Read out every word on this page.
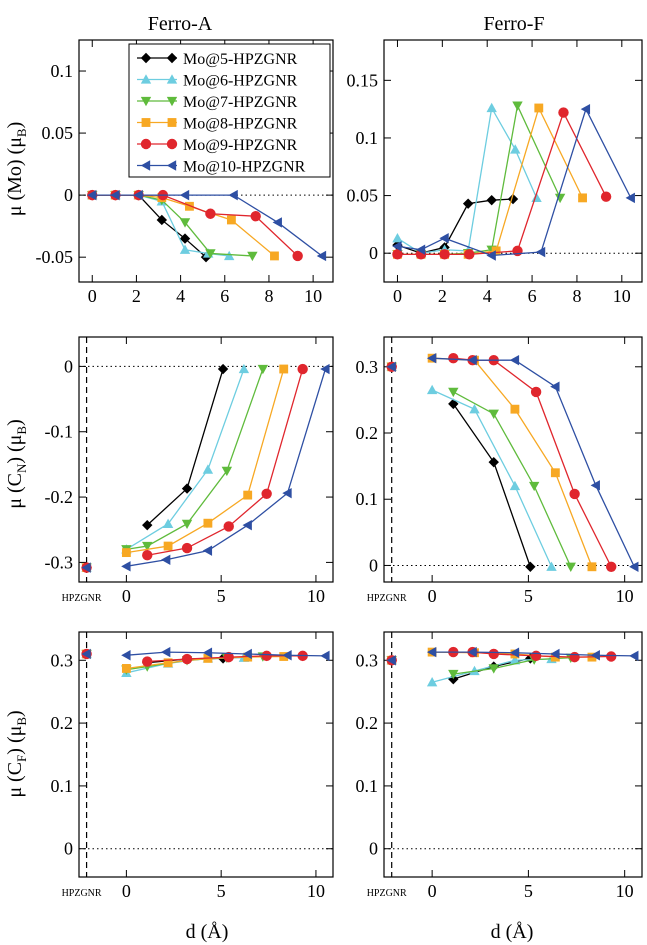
Ferro-A	Ferro-F
d (Å)	d (Å)
μ (Mo) $(\mu_B)$
μ $(C_N)$ $(\mu_B)$
μ $(C_F)$ $(\mu_B)$
0 2 4 6 8 10
0.1
0.05
0
-0.05
0 2 4 6 8 10
0.15
0.1
0.05
0
HPZGNR 0	5	10
0
-0.1
-0.2
-0.3
HPZGNR 0	5	10
0.3
0.2
0.1
0
HPZGNR 0	5	10
0.3
0.2
0.1
0
HPZGNR 0	5	10
0.3
0.2
0.1
0
Mo@5-HPZGNR
Mo@6-HPZGNR
Mo@7-HPZGNR
Mo@8-HPZGNR
Mo@9-HPZGNR
Mo@10-HPZGNR
